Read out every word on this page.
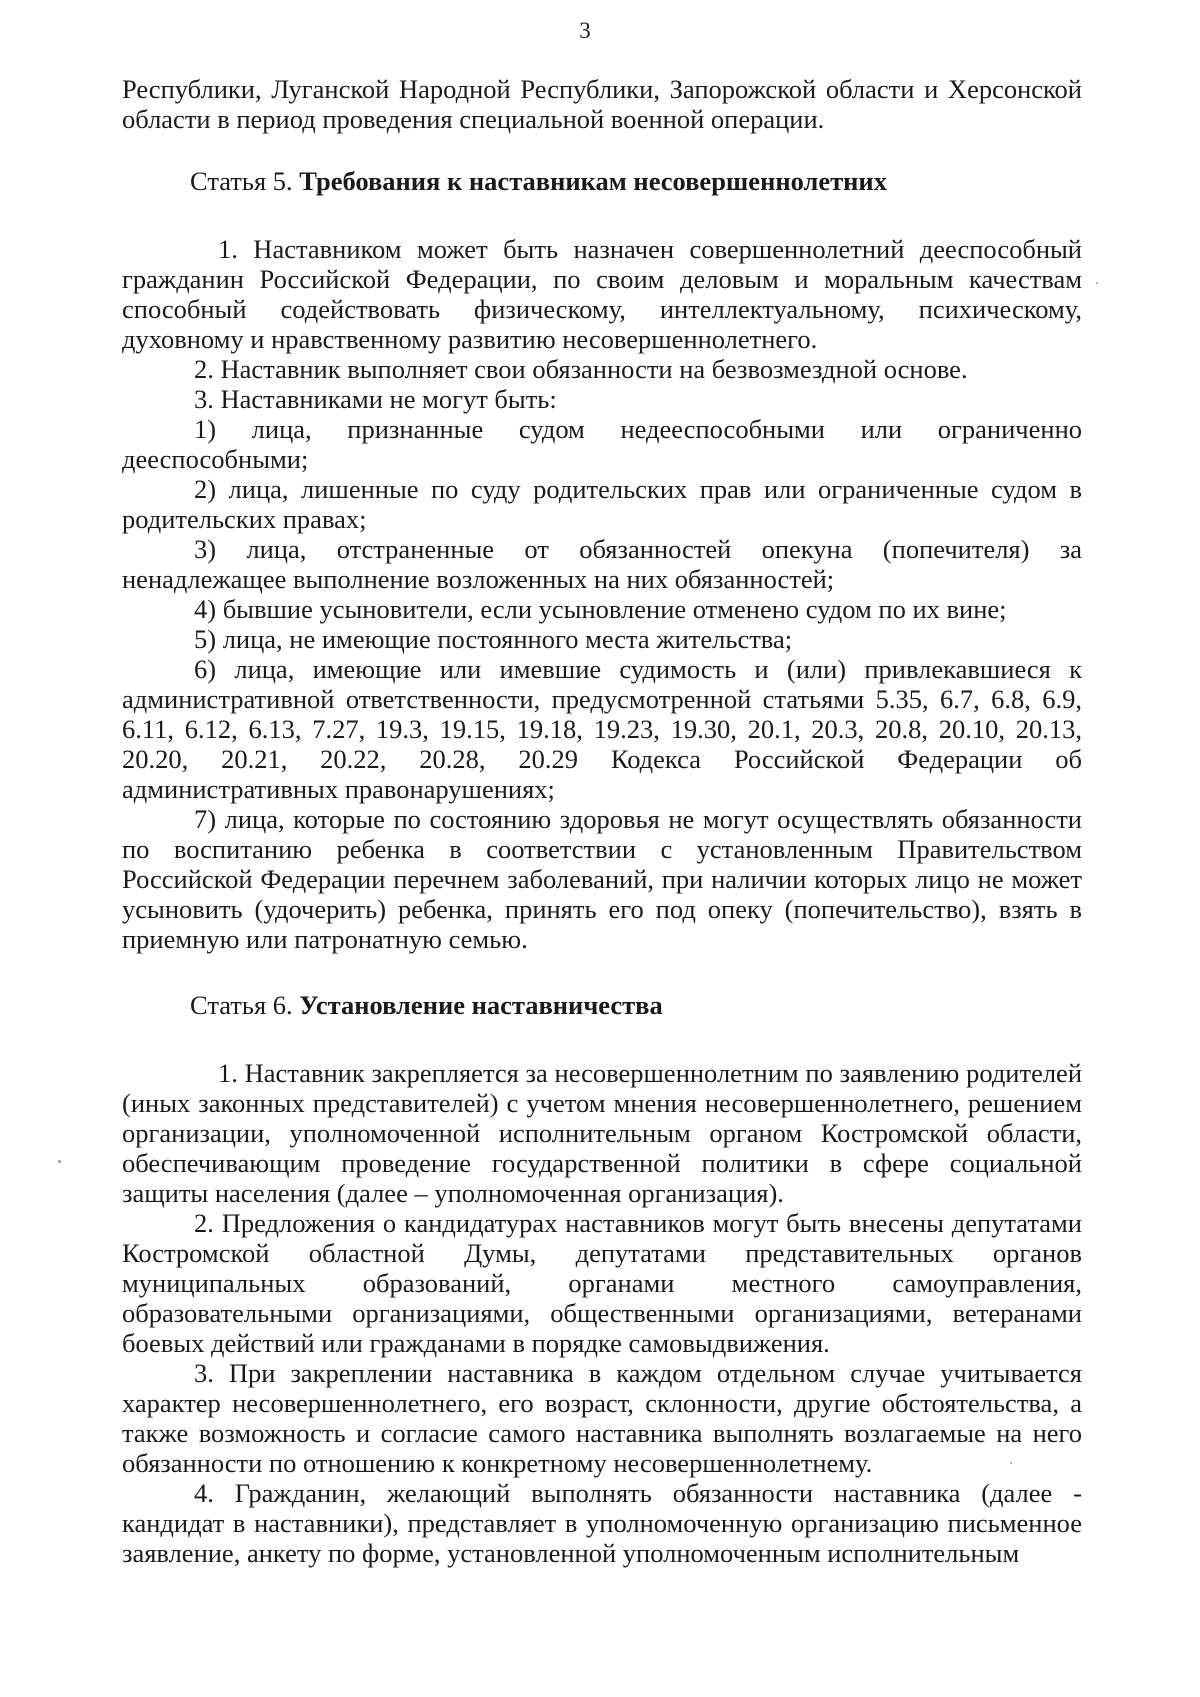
3

Республики, Луганской Народной Республики, Запорожской области и Херсонской области в период проведения специальной военной операции.

Статья 5. Требования к наставникам несовершеннолетних

1. Наставником может быть назначен совершеннолетний дееспособный гражданин Российской Федерации, по своим деловым и моральным качествам способный содействовать физическому, интеллектуальному, психическому, духовному и нравственному развитию несовершеннолетнего.

2. Наставник выполняет свои обязанности на безвозмездной основе.

3. Наставниками не могут быть:

1) лица, признанные судом недееспособными или ограниченно дееспособными;

2) лица, лишенные по суду родительских прав или ограниченные судом в родительских правах;

3) лица, отстраненные от обязанностей опекуна (попечителя) за ненадлежащее выполнение возложенных на них обязанностей;

4) бывшие усыновители, если усыновление отменено судом по их вине;

5) лица, не имеющие постоянного места жительства;

6) лица, имеющие или имевшие судимость и (или) привлекавшиеся к административной ответственности, предусмотренной статьями 5.35, 6.7, 6.8, 6.9, 6.11, 6.12, 6.13, 7.27, 19.3, 19.15, 19.18, 19.23, 19.30, 20.1, 20.3, 20.8, 20.10, 20.13, 20.20, 20.21, 20.22, 20.28, 20.29 Кодекса Российской Федерации об административных правонарушениях;

7) лица, которые по состоянию здоровья не могут осуществлять обязанности по воспитанию ребенка в соответствии с установленным Правительством Российской Федерации перечнем заболеваний, при наличии которых лицо не может усыновить (удочерить) ребенка, принять его под опеку (попечительство), взять в приемную или патронатную семью.

Статья 6. Установление наставничества

1. Наставник закрепляется за несовершеннолетним по заявлению родителей (иных законных представителей) с учетом мнения несовершеннолетнего, решением организации, уполномоченной исполнительным органом Костромской области, обеспечивающим проведение государственной политики в сфере социальной защиты населения (далее – уполномоченная организация).

2. Предложения о кандидатурах наставников могут быть внесены депутатами Костромской областной Думы, депутатами представительных органов муниципальных образований, органами местного самоуправления, образовательными организациями, общественными организациями, ветеранами боевых действий или гражданами в порядке самовыдвижения.

3. При закреплении наставника в каждом отдельном случае учитывается характер несовершеннолетнего, его возраст, склонности, другие обстоятельства, а также возможность и согласие самого наставника выполнять возлагаемые на него обязанности по отношению к конкретному несовершеннолетнему.

4. Гражданин, желающий выполнять обязанности наставника (далее - кандидат в наставники), представляет в уполномоченную организацию письменное заявление, анкету по форме, установленной уполномоченным исполнительным
